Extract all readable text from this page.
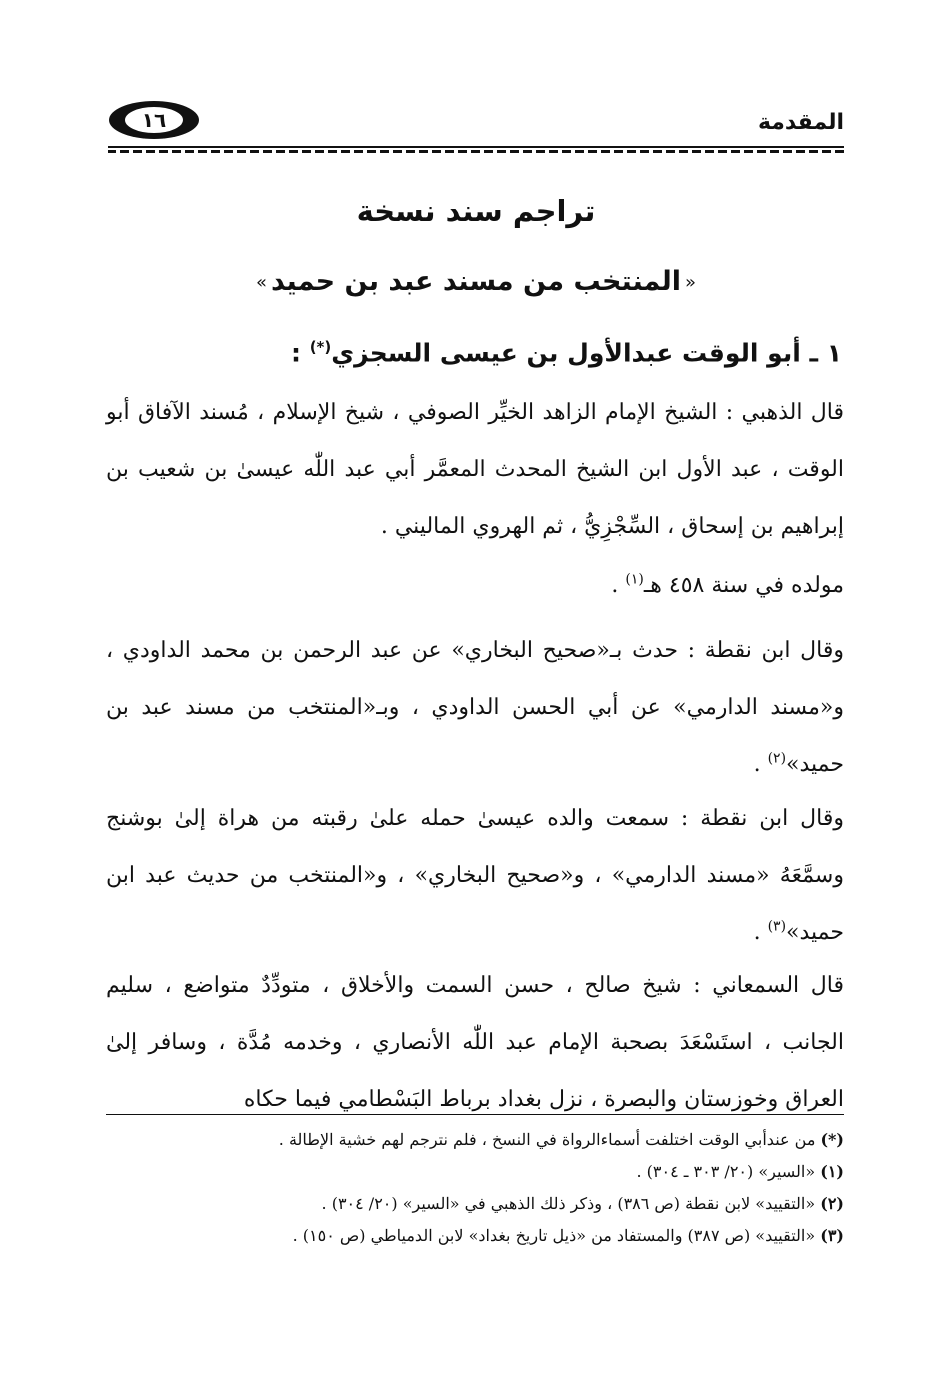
المقدمة
١٦
تراجم سند نسخة
«المنتخب من مسند عبد بن حميد»
١ ـ أبو الوقت عبدالأول بن عيسى السجزي(*) :
قال الذهبي : الشيخ الإمام الزاهد الخيِّر الصوفي ، شيخ الإسلام ، مُسند الآفاق أبو الوقت ، عبد الأول ابن الشيخ المحدث المعمَّر أبي عبد اللّٰه عيسىٰ بن شعيب بن إبراهيم بن إسحاق ، السِّجْزِيُّ ، ثم الهروي الماليني .
مولده في سنة ٤٥٨ هـ$^{(١)}$ .
وقال ابن نقطة : حدث بـ«صحيح البخاري» عن عبد الرحمن بن محمد الداودي ، و«مسند الدارمي» عن أبي الحسن الداودي ، وبـ«المنتخب من مسند عبد بن حميد»$^{(٢)}$ .
وقال ابن نقطة : سمعت والده عيسىٰ حمله علىٰ رقبته من هراة إلىٰ بوشنج وسمَّعَهُ «مسند الدارمي» ، و«صحيح البخاري» ، و«المنتخب من حديث عبد ابن حميد»$^{(٣)}$ .
قال السمعاني : شيخ صالح ، حسن السمت والأخلاق ، متودِّدٌ متواضع ، سليم الجانب ، استَسْعَدَ بصحبة الإمام عبد اللّٰه الأنصاري ، وخدمه مُدَّة ، وسافر إلىٰ العراق وخوزستان والبصرة ، نزل بغداد برباط البَسْطامي فيما حكاه
(*) من عندأبي الوقت اختلفت أسماءالرواة في النسخ ، فلم نترجم لهم خشية الإطالة .
(١) «السير» (٢٠/ ٣٠٣ ـ ٣٠٤) .
(٢) «التقييد» لابن نقطة (ص ٣٨٦) ، وذكر ذلك الذهبي في «السير» (٢٠/ ٣٠٤) .
(٣) «التقييد» (ص ٣٨٧) والمستفاد من «ذيل تاريخ بغداد» لابن الدمياطي (ص ١٥٠) .
